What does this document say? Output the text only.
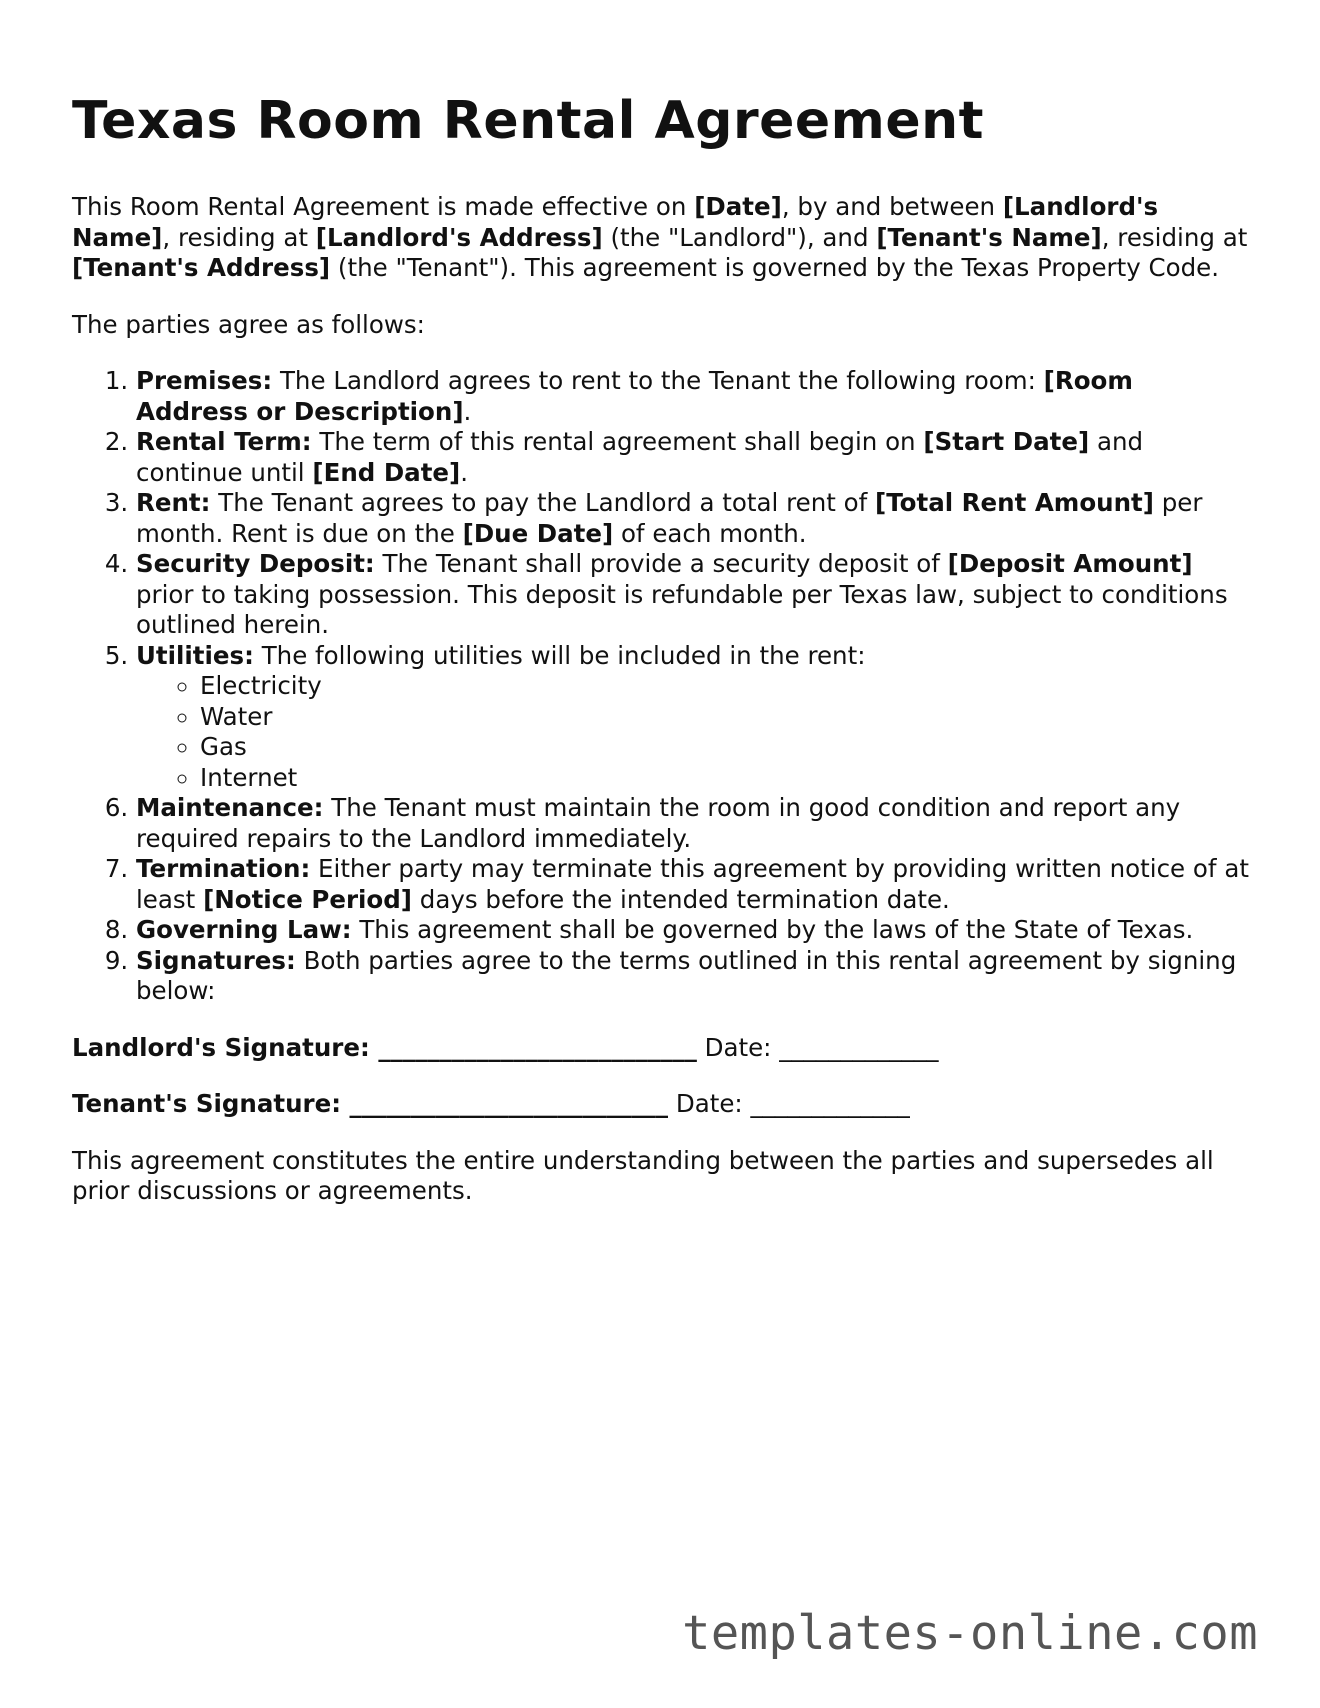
Texas Room Rental Agreement

This Room Rental Agreement is made effective on [Date], by and between [Landlord's Name], residing at [Landlord's Address] (the "Landlord"), and [Tenant's Name], residing at [Tenant's Address] (the "Tenant"). This agreement is governed by the Texas Property Code.

The parties agree as follows:

1. Premises: The Landlord agrees to rent to the Tenant the following room: [Room Address or Description].
2. Rental Term: The term of this rental agreement shall begin on [Start Date] and continue until [End Date].
3. Rent: The Tenant agrees to pay the Landlord a total rent of [Total Rent Amount] per month. Rent is due on the [Due Date] of each month.
4. Security Deposit: The Tenant shall provide a security deposit of [Deposit Amount] prior to taking possession. This deposit is refundable per Texas law, subject to conditions outlined herein.
5. Utilities: The following utilities will be included in the rent:
◦ Electricity
◦ Water
◦ Gas
◦ Internet
6. Maintenance: The Tenant must maintain the room in good condition and report any required repairs to the Landlord immediately.
7. Termination: Either party may terminate this agreement by providing written notice of at least [Notice Period] days before the intended termination date.
8. Governing Law: This agreement shall be governed by the laws of the State of Texas.
9. Signatures: Both parties agree to the terms outlined in this rental agreement by signing below:

Landlord's Signature: __________________________ Date: _____________

Tenant's Signature: __________________________ Date: _____________

This agreement constitutes the entire understanding between the parties and supersedes all prior discussions or agreements.

templates-online.com
